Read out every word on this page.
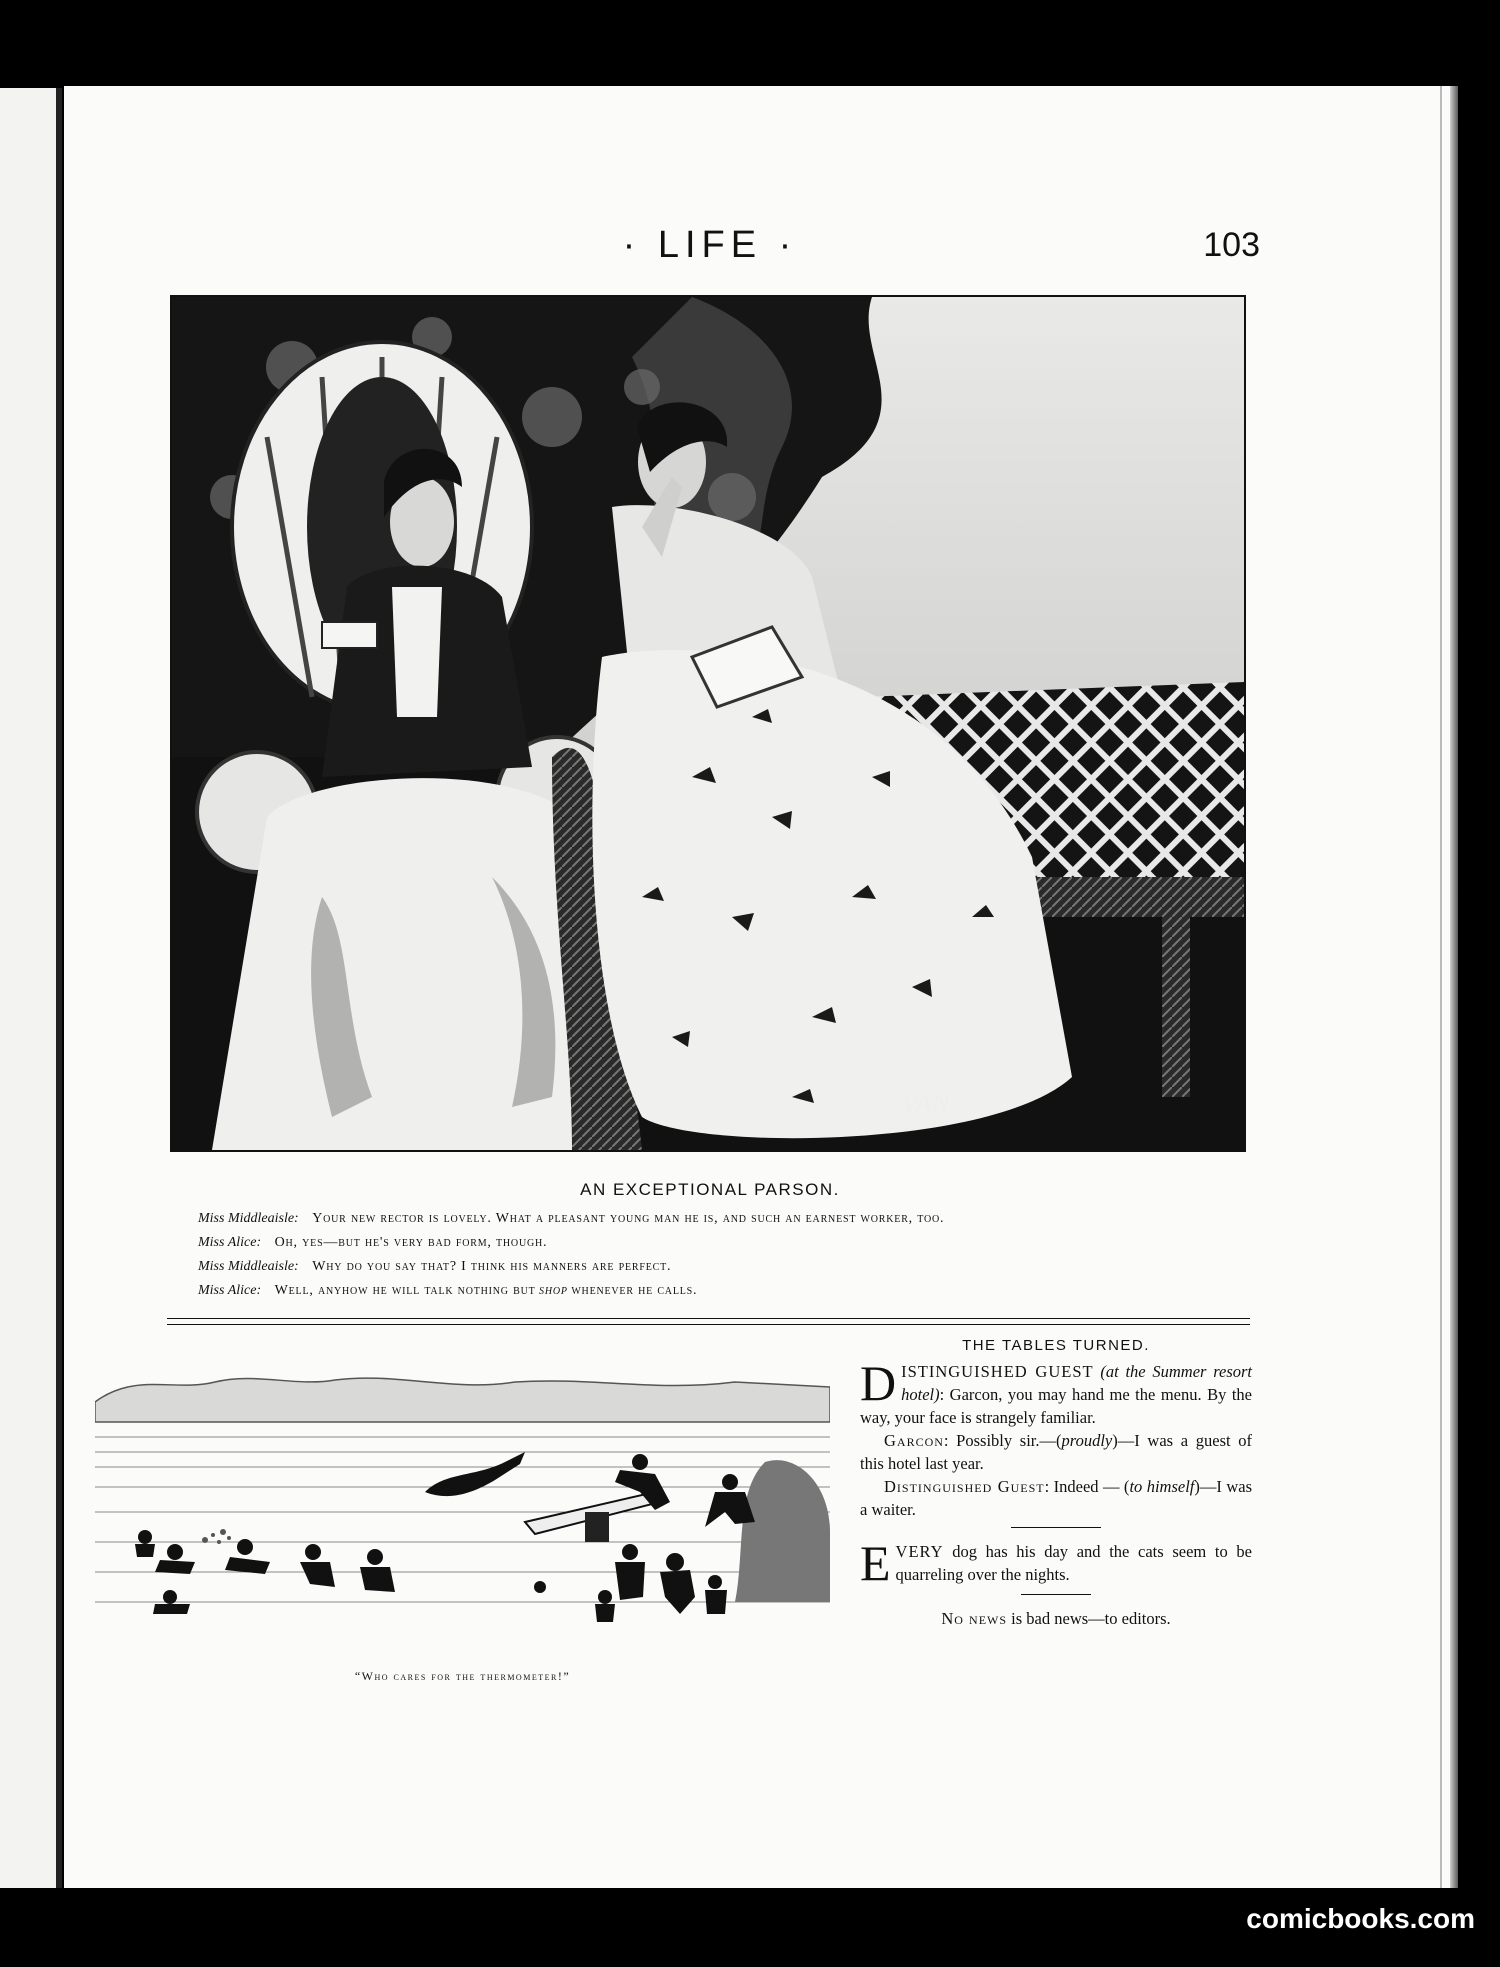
· LIFE ·	103
VAN
AN EXCEPTIONAL PARSON.
Miss Middleaisle: Your new rector is lovely. What a pleasant young man he is, and such an earnest worker, too.
Miss Alice: Oh, yes—but he's very bad form, though.
Miss Middleaisle: Why do you say that? I think his manners are perfect.
Miss Alice: Well, anyhow he will talk nothing but shop whenever he calls.
“Who cares for the thermometer!”
THE TABLES TURNED.
DISTINGUISHED GUEST (at the Summer resort hotel): Garcon, you may hand me the menu. By the way, your face is strangely familiar.
Garcon: Possibly sir.—(proudly)—I was a guest of this hotel last year.
Distinguished Guest: Indeed — (to himself)—I was a waiter.
EVERY dog has his day and the cats seem to be quarreling over the nights.
No news is bad news—to editors.
comicbooks.com
